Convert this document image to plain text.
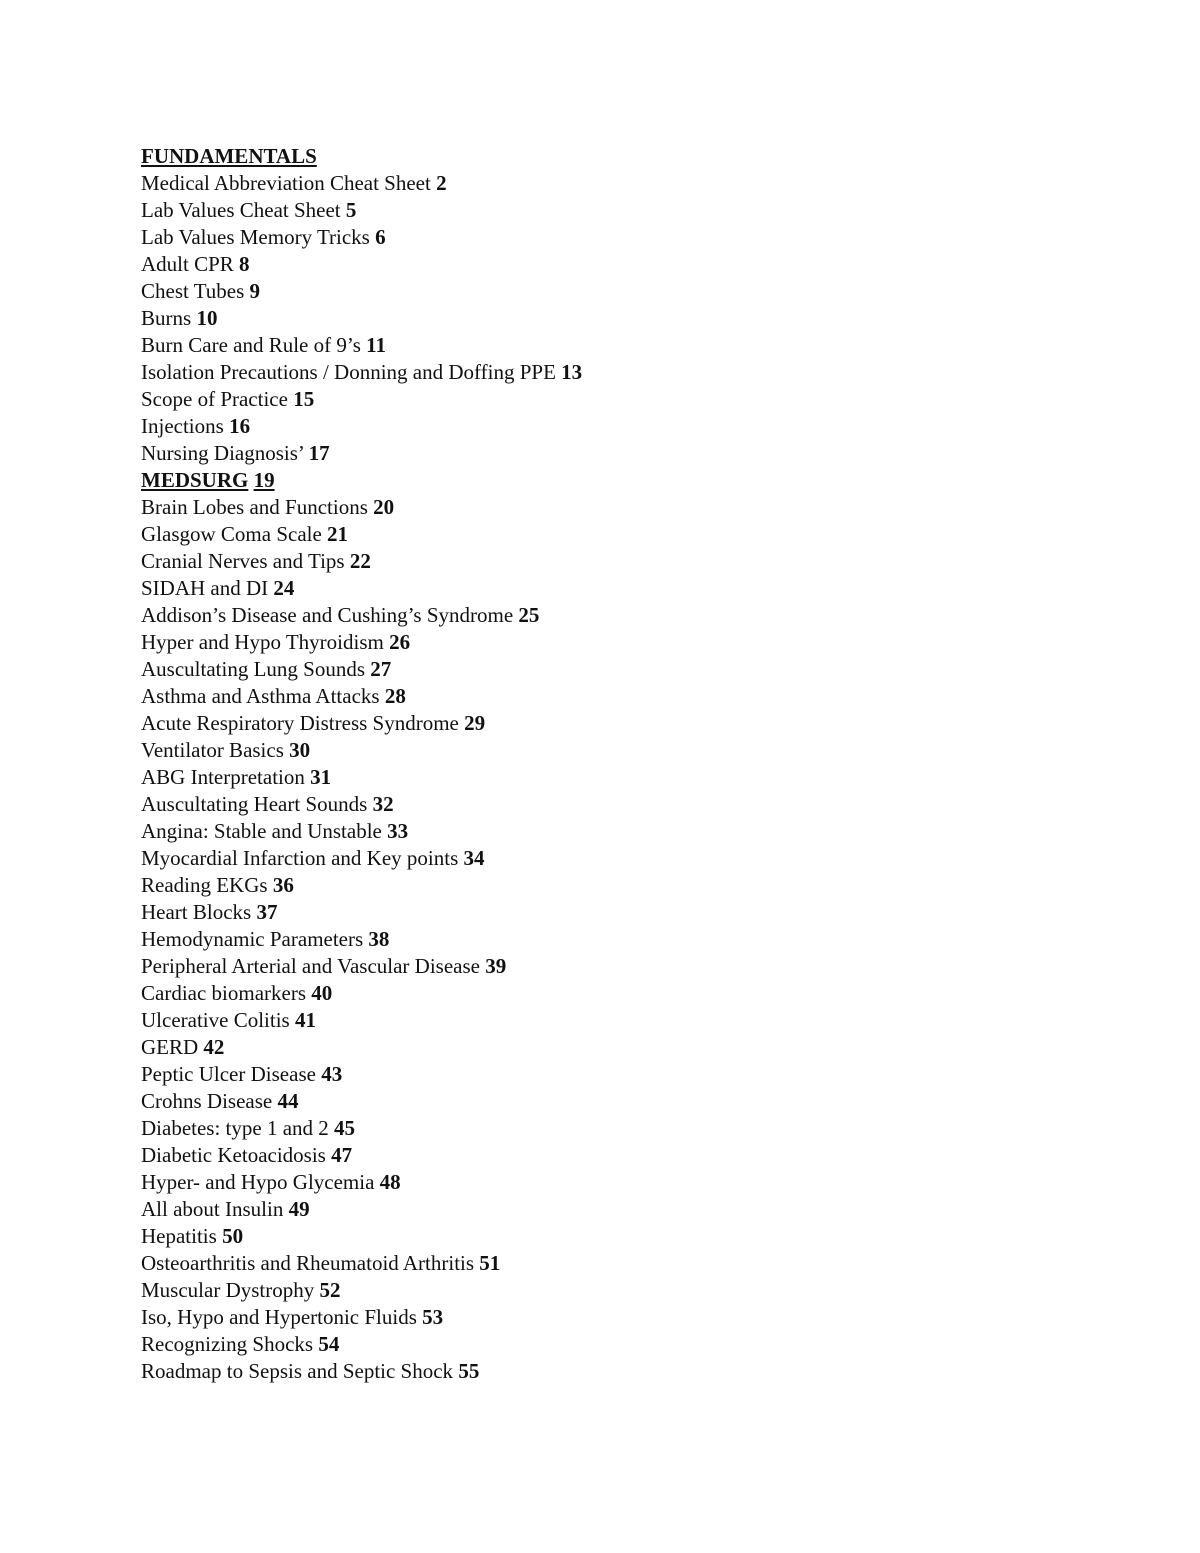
FUNDAMENTALS
Medical Abbreviation Cheat Sheet 2
Lab Values Cheat Sheet 5
Lab Values Memory Tricks 6
Adult CPR 8
Chest Tubes 9
Burns 10
Burn Care and Rule of 9’s 11
Isolation Precautions / Donning and Doffing PPE 13
Scope of Practice 15
Injections 16
Nursing Diagnosis’ 17
MEDSURG 19
Brain Lobes and Functions 20
Glasgow Coma Scale 21
Cranial Nerves and Tips 22
SIDAH and DI 24
Addison’s Disease and Cushing’s Syndrome 25
Hyper and Hypo Thyroidism 26
Auscultating Lung Sounds 27
Asthma and Asthma Attacks 28
Acute Respiratory Distress Syndrome 29
Ventilator Basics 30
ABG Interpretation 31
Auscultating Heart Sounds 32
Angina: Stable and Unstable 33
Myocardial Infarction and Key points 34
Reading EKGs 36
Heart Blocks 37
Hemodynamic Parameters 38
Peripheral Arterial and Vascular Disease 39
Cardiac biomarkers 40
Ulcerative Colitis 41
GERD 42
Peptic Ulcer Disease 43
Crohns Disease 44
Diabetes: type 1 and 2 45
Diabetic Ketoacidosis 47
Hyper- and Hypo Glycemia 48
All about Insulin 49
Hepatitis 50
Osteoarthritis and Rheumatoid Arthritis 51
Muscular Dystrophy 52
Iso, Hypo and Hypertonic Fluids 53
Recognizing Shocks 54
Roadmap to Sepsis and Septic Shock 55
